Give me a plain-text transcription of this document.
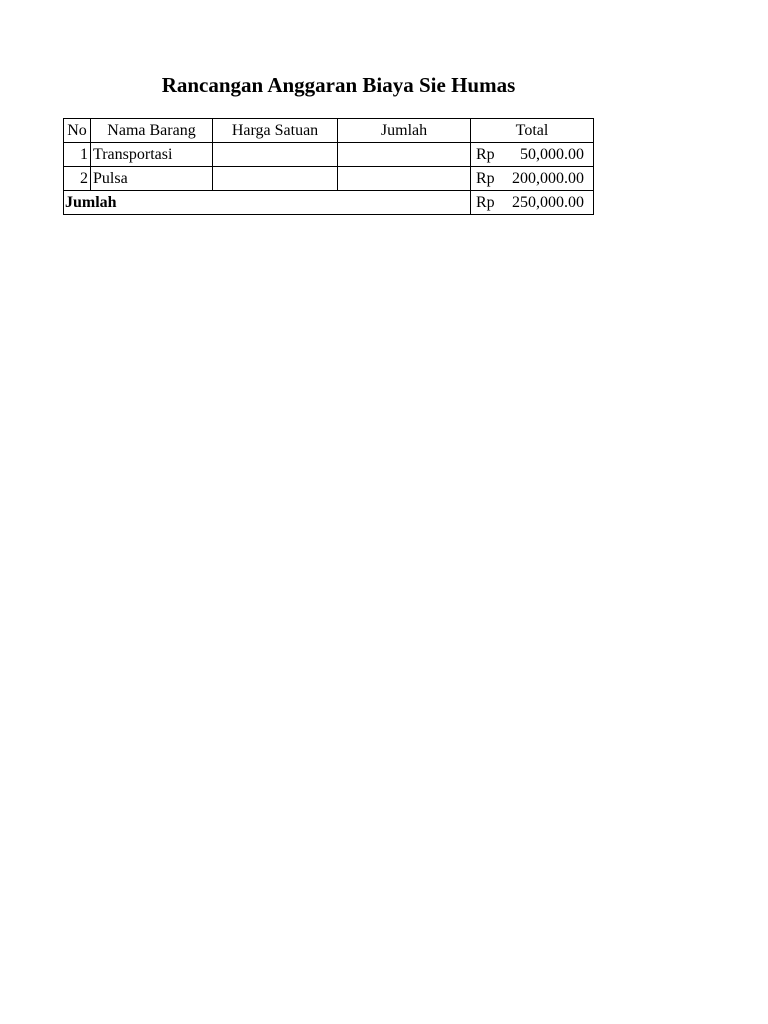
Rancangan Anggaran Biaya Sie Humas
No	Nama Barang	Harga Satuan	Jumlah	Total
1	Transportasi			Rp 50,000.00

2	Pulsa			Rp 200,000.00

Jumlah				Rp 250,000.00
